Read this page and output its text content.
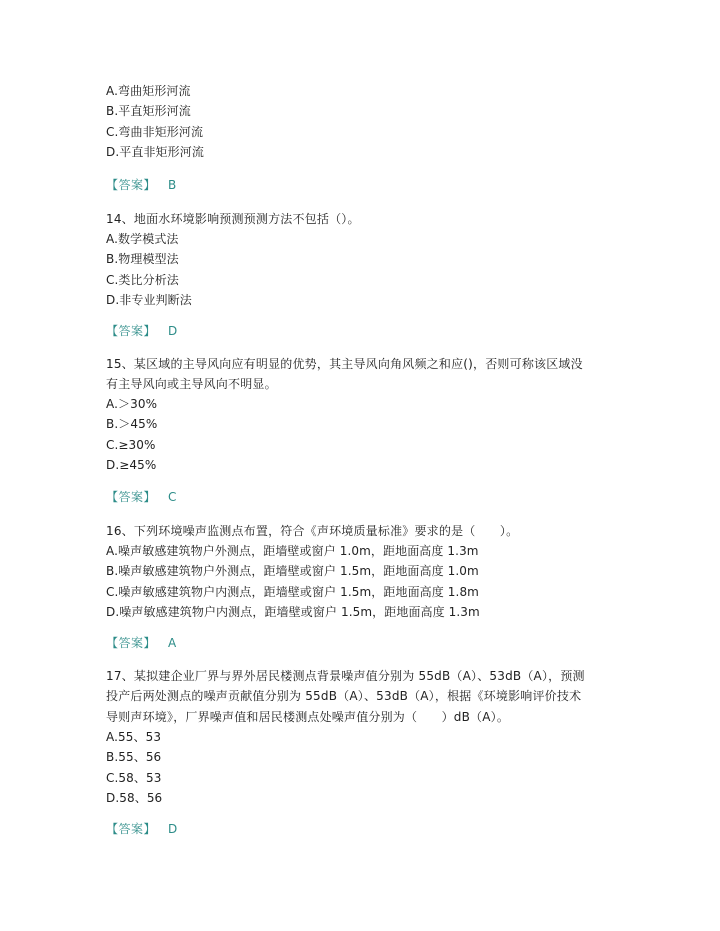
A.弯曲矩形河流
B.平直矩形河流
C.弯曲非矩形河流
D.平直非矩形河流
【答案】 B
14、地面水环境影响预测预测方法不包括（）。
A.数学模式法
B.物理模型法
C.类比分析法
D.非专业判断法
【答案】 D
15、某区域的主导风向应有明显的优势，其主导风向角风频之和应()，否则可称该区域没
有主导风向或主导风向不明显。
A.＞30%
B.＞45%
C.≥30%
D.≥45%
【答案】 C
16、下列环境噪声监测点布置，符合《声环境质量标准》要求的是（　　）。
A.噪声敏感建筑物户外测点，距墙壁或窗户 1.0m，距地面高度 1.3m
B.噪声敏感建筑物户外测点，距墙壁或窗户 1.5m，距地面高度 1.0m
C.噪声敏感建筑物户内测点，距墙壁或窗户 1.5m，距地面高度 1.8m
D.噪声敏感建筑物户内测点，距墙壁或窗户 1.5m，距地面高度 1.3m
【答案】 A
17、某拟建企业厂界与界外居民楼测点背景噪声值分别为 55dB（A）、53dB（A），预测
投产后两处测点的噪声贡献值分别为 55dB（A）、53dB（A），根据《环境影响评价技术
导则声环境》，厂界噪声值和居民楼测点处噪声值分别为（　　）dB（A）。
A.55、53
B.55、56
C.58、53
D.58、56
【答案】 D
